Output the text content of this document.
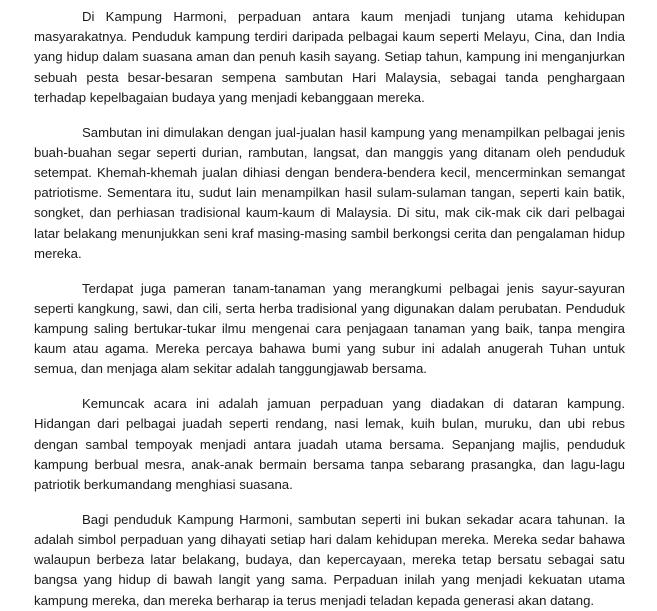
Di Kampung Harmoni, perpaduan antara kaum menjadi tunjang utama kehidupan masyarakatnya. Penduduk kampung terdiri daripada pelbagai kaum seperti Melayu, Cina, dan India yang hidup dalam suasana aman dan penuh kasih sayang. Setiap tahun, kampung ini menganjurkan sebuah pesta besar-besaran sempena sambutan Hari Malaysia, sebagai tanda penghargaan terhadap kepelbagaian budaya yang menjadi kebanggaan mereka.

Sambutan ini dimulakan dengan jual-jualan hasil kampung yang menampilkan pelbagai jenis buah-buahan segar seperti durian, rambutan, langsat, dan manggis yang ditanam oleh penduduk setempat. Khemah-khemah jualan dihiasi dengan bendera-bendera kecil, mencerminkan semangat patriotisme. Sementara itu, sudut lain menampilkan hasil sulam-sulaman tangan, seperti kain batik, songket, dan perhiasan tradisional kaum-kaum di Malaysia. Di situ, mak cik-mak cik dari pelbagai latar belakang menunjukkan seni kraf masing-masing sambil berkongsi cerita dan pengalaman hidup mereka.

Terdapat juga pameran tanam-tanaman yang merangkumi pelbagai jenis sayur-sayuran seperti kangkung, sawi, dan cili, serta herba tradisional yang digunakan dalam perubatan. Penduduk kampung saling bertukar-tukar ilmu mengenai cara penjagaan tanaman yang baik, tanpa mengira kaum atau agama. Mereka percaya bahawa bumi yang subur ini adalah anugerah Tuhan untuk semua, dan menjaga alam sekitar adalah tanggungjawab bersama.

Kemuncak acara ini adalah jamuan perpaduan yang diadakan di dataran kampung. Hidangan dari pelbagai juadah seperti rendang, nasi lemak, kuih bulan, muruku, dan ubi rebus dengan sambal tempoyak menjadi antara juadah utama bersama. Sepanjang majlis, penduduk kampung berbual mesra, anak-anak bermain bersama tanpa sebarang prasangka, dan lagu-lagu patriotik berkumandang menghiasi suasana.

Bagi penduduk Kampung Harmoni, sambutan seperti ini bukan sekadar acara tahunan. Ia adalah simbol perpaduan yang dihayati setiap hari dalam kehidupan mereka. Mereka sedar bahawa walaupun berbeza latar belakang, budaya, dan kepercayaan, mereka tetap bersatu sebagai satu bangsa yang hidup di bawah langit yang sama. Perpaduan inilah yang menjadi kekuatan utama kampung mereka, dan mereka berharap ia terus menjadi teladan kepada generasi akan datang.
